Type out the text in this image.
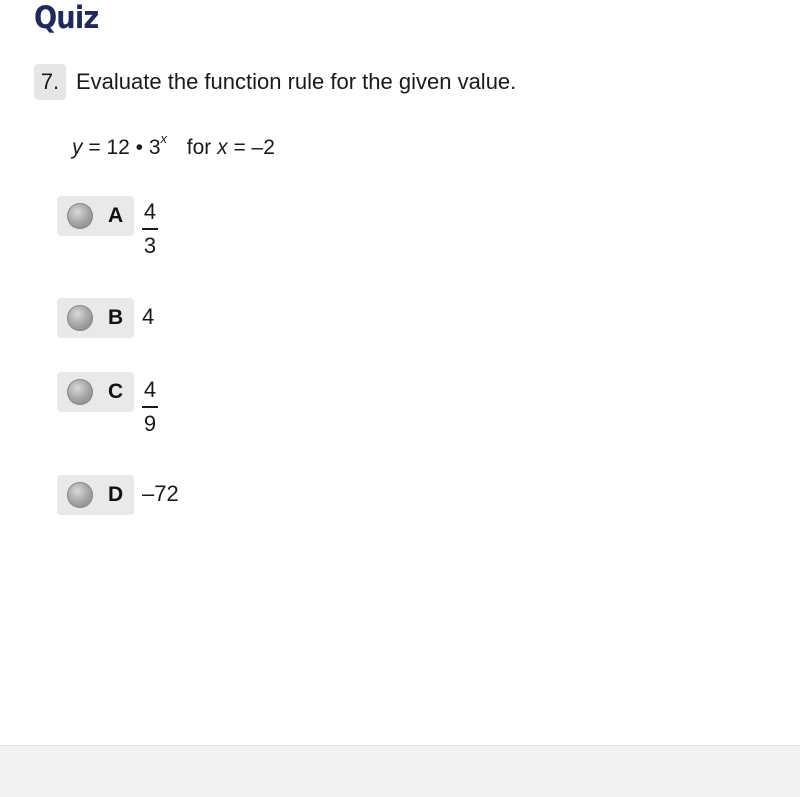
Quiz
7. Evaluate the function rule for the given value.
y = 12 • 3$^x$ for x = –2
A 4
3
B 4
C 4
9
D –72
